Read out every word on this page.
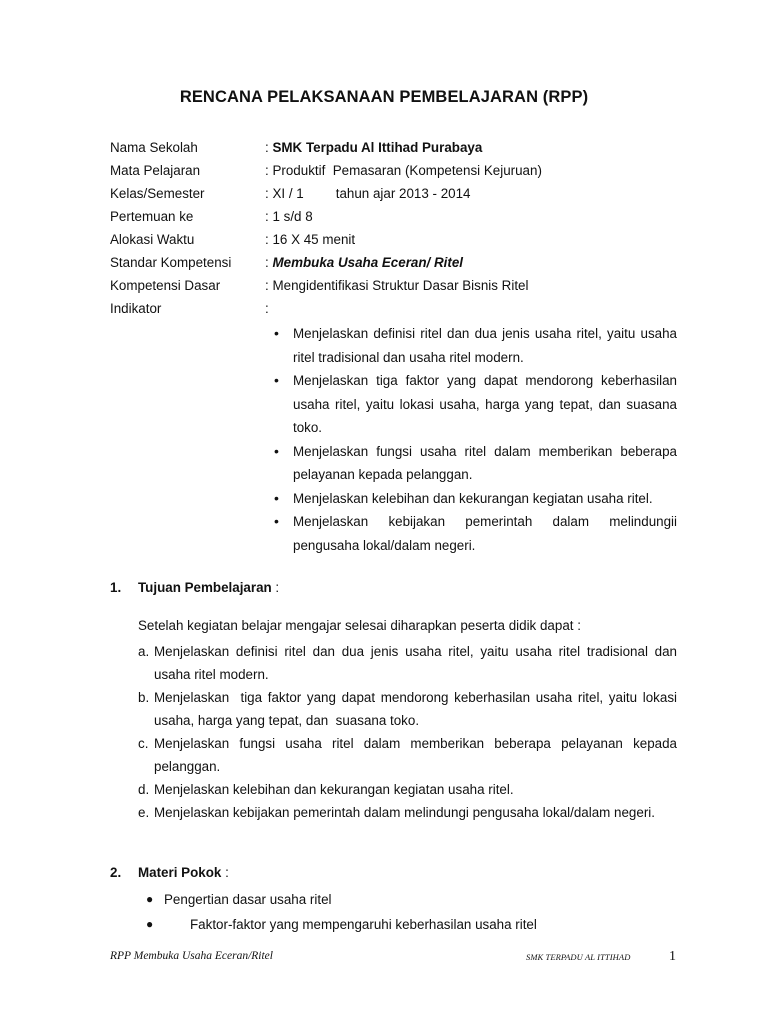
RENCANA PELAKSANAAN PEMBELAJARAN (RPP)
Nama Sekolah	: SMK Terpadu Al Ittihad Purabaya
Mata Pelajaran	: Produktif  Pemasaran (Kompetensi Kejuruan)
Kelas/Semester	: XI / 1 tahun ajar 2013 - 2014
Pertemuan ke	: 1 s/d 8
Alokasi Waktu	: 16 X 45 menit
Standar Kompetensi	: Membuka Usaha Eceran/ Ritel
Kompetensi Dasar	: Mengidentifikasi Struktur Dasar Bisnis Ritel
Indikator	:
• Menjelaskan definisi ritel dan dua jenis usaha ritel, yaitu usaha ritel tradisional dan usaha ritel modern.
• Menjelaskan tiga faktor yang dapat mendorong keberhasilan usaha ritel, yaitu lokasi usaha, harga yang tepat, dan suasana toko.
• Menjelaskan fungsi usaha ritel dalam memberikan beberapa pelayanan kepada pelanggan.
• Menjelaskan kelebihan dan kekurangan kegiatan usaha ritel.
• Menjelaskan kebijakan pemerintah dalam melindungii pengusaha lokal/dalam negeri.
1.	Tujuan Pembelajaran :
Setelah kegiatan belajar mengajar selesai diharapkan peserta didik dapat :
a. Menjelaskan definisi ritel dan dua jenis usaha ritel, yaitu usaha ritel tradisional dan usaha ritel modern.
b. Menjelaskan  tiga faktor yang dapat mendorong keberhasilan usaha ritel, yaitu lokasi usaha, harga yang tepat, dan  suasana toko.
c. Menjelaskan fungsi usaha ritel dalam memberikan beberapa pelayanan kepada pelanggan.
d. Menjelaskan kelebihan dan kekurangan kegiatan usaha ritel.
e. Menjelaskan kebijakan pemerintah dalam melindungi pengusaha lokal/dalam negeri.
2.	Materi Pokok :
● Pengertian dasar usaha ritel
●	Faktor-faktor yang mempengaruhi keberhasilan usaha ritel
RPP Membuka Usaha Eceran/Ritel	SMK TERPADU AL ITTIHAD	1
